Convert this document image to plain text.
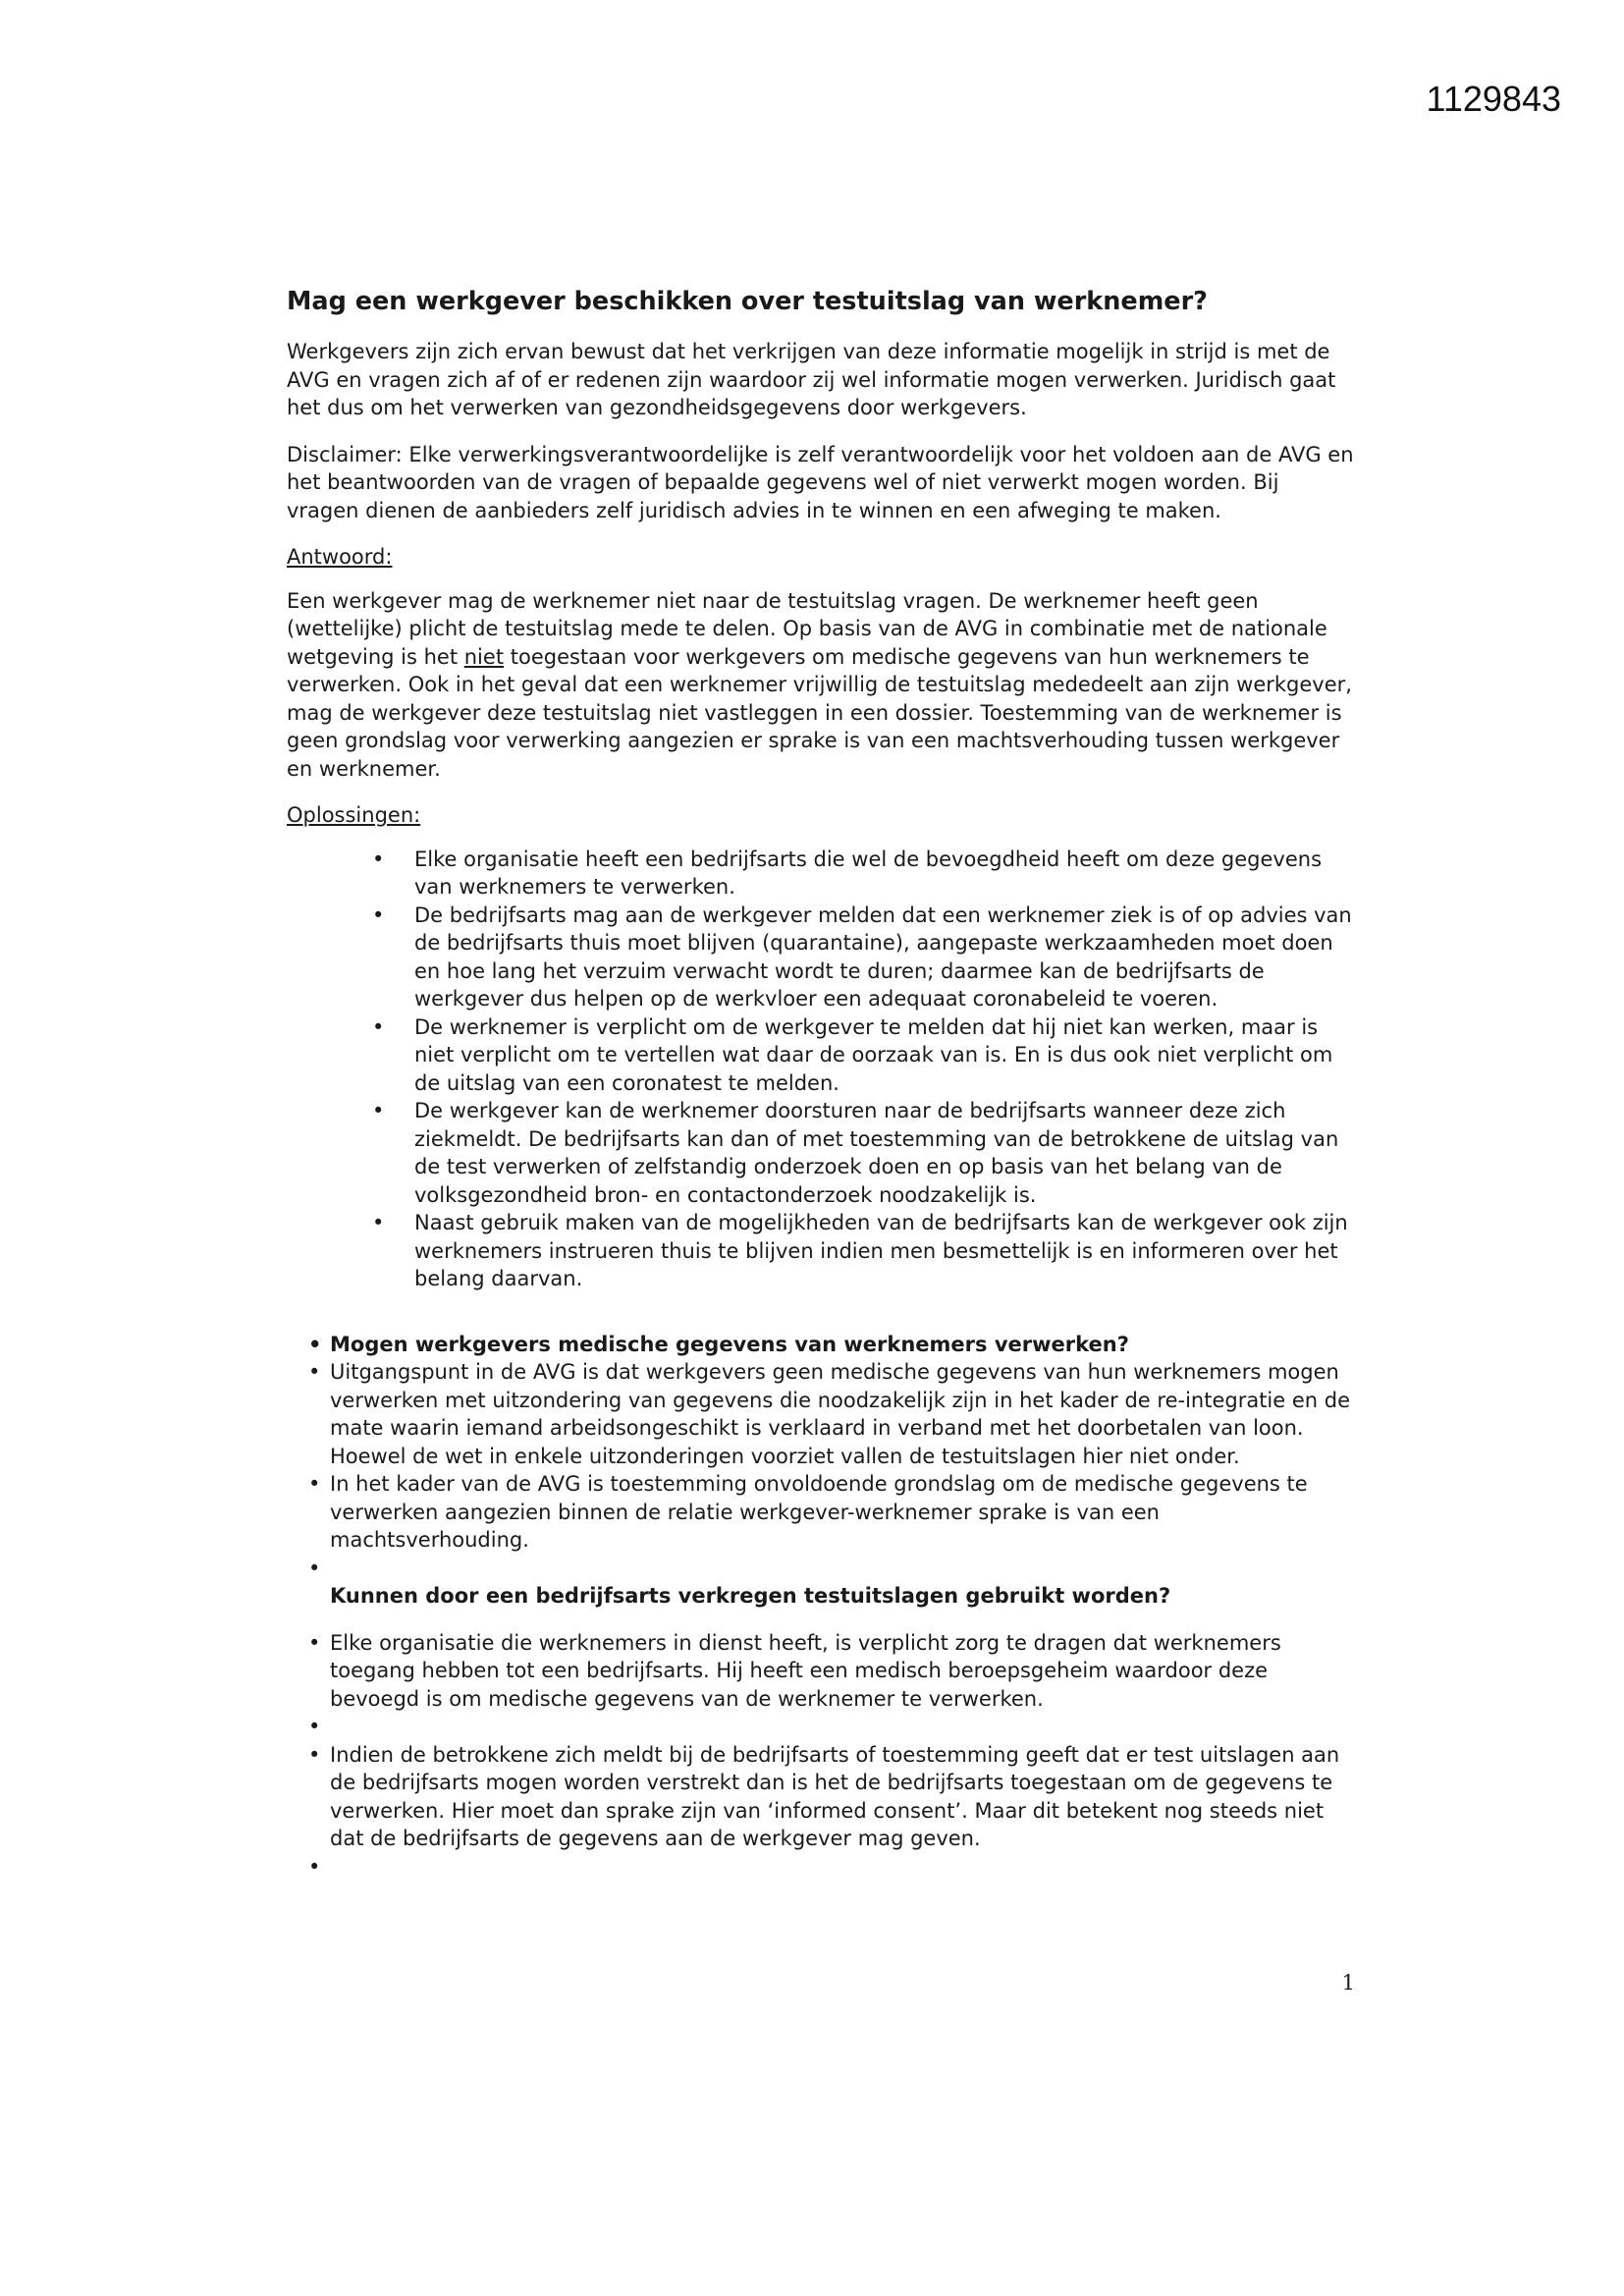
1129843
Mag een werkgever beschikken over testuitslag van werknemer?

Werkgevers zijn zich ervan bewust dat het verkrijgen van deze informatie mogelijk in strijd is met de AVG en vragen zich af of er redenen zijn waardoor zij wel informatie mogen verwerken. Juridisch gaat het dus om het verwerken van gezondheidsgegevens door werkgevers.

Disclaimer: Elke verwerkingsverantwoordelijke is zelf verantwoordelijk voor het voldoen aan de AVG en het beantwoorden van de vragen of bepaalde gegevens wel of niet verwerkt mogen worden. Bij vragen dienen de aanbieders zelf juridisch advies in te winnen en een afweging te maken.

Antwoord:

Een werkgever mag de werknemer niet naar de testuitslag vragen. De werknemer heeft geen (wettelijke) plicht de testuitslag mede te delen. Op basis van de AVG in combinatie met de nationale wetgeving is het niet toegestaan voor werkgevers om medische gegevens van hun werknemers te verwerken. Ook in het geval dat een werknemer vrijwillig de testuitslag mededeelt aan zijn werkgever, mag de werkgever deze testuitslag niet vastleggen in een dossier. Toestemming van de werknemer is geen grondslag voor verwerking aangezien er sprake is van een machtsverhouding tussen werkgever en werknemer.

Oplossingen:

• Elke organisatie heeft een bedrijfsarts die wel de bevoegdheid heeft om deze gegevens van werknemers te verwerken.
• De bedrijfsarts mag aan de werkgever melden dat een werknemer ziek is of op advies van de bedrijfsarts thuis moet blijven (quarantaine), aangepaste werkzaamheden moet doen en hoe lang het verzuim verwacht wordt te duren; daarmee kan de bedrijfsarts de werkgever dus helpen op de werkvloer een adequaat coronabeleid te voeren.
• De werknemer is verplicht om de werkgever te melden dat hij niet kan werken, maar is niet verplicht om te vertellen wat daar de oorzaak van is. En is dus ook niet verplicht om de uitslag van een coronatest te melden.
• De werkgever kan de werknemer doorsturen naar de bedrijfsarts wanneer deze zich ziekmeldt. De bedrijfsarts kan dan of met toestemming van de betrokkene de uitslag van de test verwerken of zelfstandig onderzoek doen en op basis van het belang van de volksgezondheid bron- en contactonderzoek noodzakelijk is.
• Naast gebruik maken van de mogelijkheden van de bedrijfsarts kan de werkgever ook zijn werknemers instrueren thuis te blijven indien men besmettelijk is en informeren over het belang daarvan.
• Mogen werkgevers medische gegevens van werknemers verwerken?
• Uitgangspunt in de AVG is dat werkgevers geen medische gegevens van hun werknemers mogen verwerken met uitzondering van gegevens die noodzakelijk zijn in het kader de re-integratie en de mate waarin iemand arbeidsongeschikt is verklaard in verband met het doorbetalen van loon. Hoewel de wet in enkele uitzonderingen voorziet vallen de testuitslagen hier niet onder.
• In het kader van de AVG is toestemming onvoldoende grondslag om de medische gegevens te verwerken aangezien binnen de relatie werkgever-werknemer sprake is van een machtsverhouding.
•

Kunnen door een bedrijfsarts verkregen testuitslagen gebruikt worden?

• Elke organisatie die werknemers in dienst heeft, is verplicht zorg te dragen dat werknemers toegang hebben tot een bedrijfsarts. Hij heeft een medisch beroepsgeheim waardoor deze bevoegd is om medische gegevens van de werknemer te verwerken.
•
• Indien de betrokkene zich meldt bij de bedrijfsarts of toestemming geeft dat er test uitslagen aan de bedrijfsarts mogen worden verstrekt dan is het de bedrijfsarts toegestaan om de gegevens te verwerken. Hier moet dan sprake zijn van ‘informed consent’. Maar dit betekent nog steeds niet dat de bedrijfsarts de gegevens aan de werkgever mag geven.
•
1
